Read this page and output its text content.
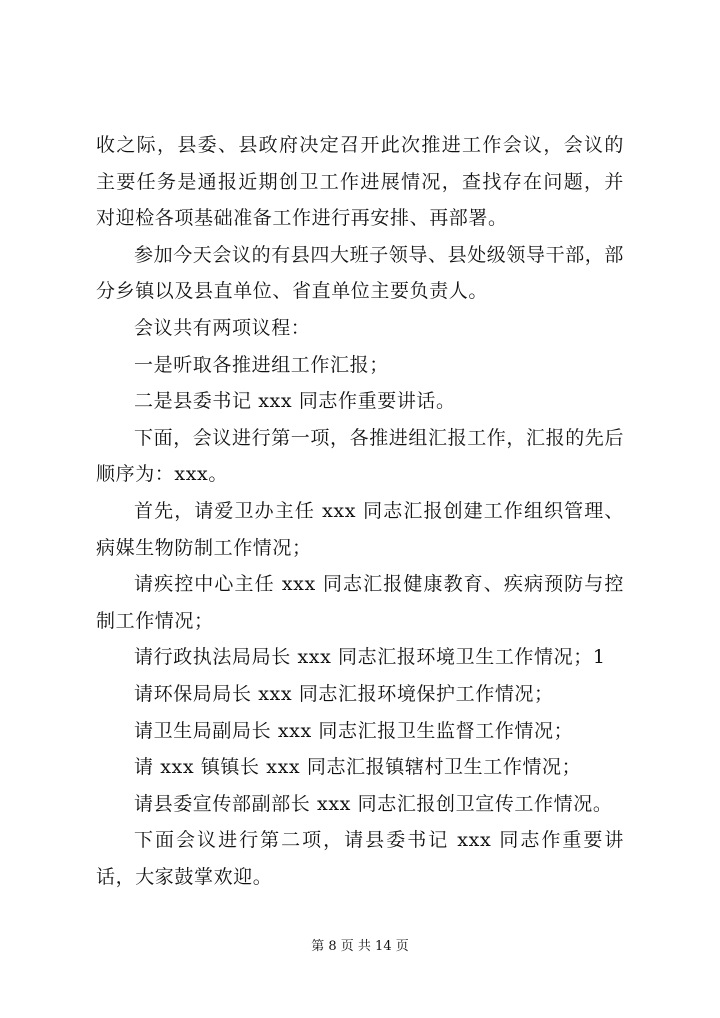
收之际，县委、县政府决定召开此次推进工作会议，会议的主要任务是通报近期创卫工作进展情况，查找存在问题，并对迎检各项基础准备工作进行再安排、再部署。

参加今天会议的有县四大班子领导、县处级领导干部，部分乡镇以及县直单位、省直单位主要负责人。

会议共有两项议程：

一是听取各推进组工作汇报；

二是县委书记 xxx 同志作重要讲话。

下面，会议进行第一项，各推进组汇报工作，汇报的先后顺序为：xxx。

首先，请爱卫办主任 xxx 同志汇报创建工作组织管理、病媒生物防制工作情况；

请疾控中心主任 xxx 同志汇报健康教育、疾病预防与控制工作情况；

请行政执法局局长 xxx 同志汇报环境卫生工作情况；1

请环保局局长 xxx 同志汇报环境保护工作情况；

请卫生局副局长 xxx 同志汇报卫生监督工作情况；

请 xxx 镇镇长 xxx 同志汇报镇辖村卫生工作情况；

请县委宣传部副部长 xxx 同志汇报创卫宣传工作情况。

下面会议进行第二项，请县委书记 xxx 同志作重要讲话，大家鼓掌欢迎。

第 8 页 共 14 页
